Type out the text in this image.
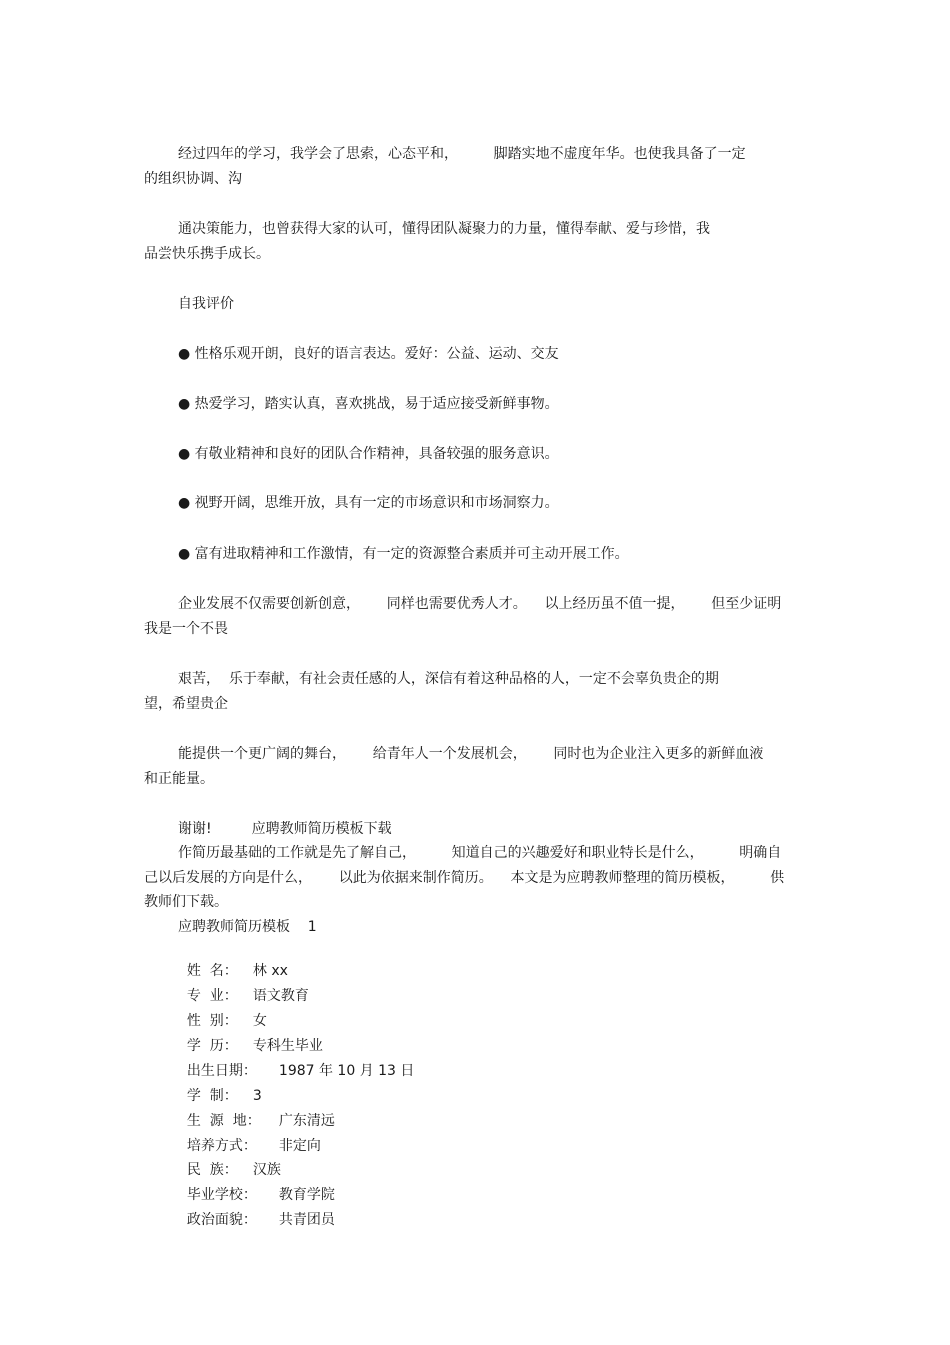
经过四年的学习，我学会了思索，心态平和，        脚踏实地不虚度年华。也使我具备了一定
的组织协调、沟
通决策能力，也曾获得大家的认可，懂得团队凝聚力的力量，懂得奉献、爱与珍惜，我
品尝快乐携手成长。
自我评价
● 性格乐观开朗，良好的语言表达。爱好：公益、运动、交友
● 热爱学习，踏实认真，喜欢挑战，易于适应接受新鲜事物。
● 有敬业精神和良好的团队合作精神，具备较强的服务意识。
● 视野开阔，思维开放，具有一定的市场意识和市场洞察力。
● 富有进取精神和工作激情，有一定的资源整合素质并可主动开展工作。
企业发展不仅需要创新创意，      同样也需要优秀人才。    以上经历虽不值一提，      但至少证明
我是一个不畏
艰苦，  乐于奉献，有社会责任感的人，深信有着这种品格的人，一定不会辜负贵企的期
望，希望贵企
能提供一个更广阔的舞台，      给青年人一个发展机会，      同时也为企业注入更多的新鲜血液
和正能量。
谢谢!         应聘教师简历模板下载
作简历最基础的工作就是先了解自己，        知道自己的兴趣爱好和职业特长是什么，        明确自
己以后发展的方向是什么，      以此为依据来制作简历。    本文是为应聘教师整理的简历模板，        供
教师们下载。
应聘教师简历模板    1

姓  名： 林 xx

专  业： 语文教育

性  别： 女

学  历： 专科生毕业

出生日期： 1987 年 10 月 13 日

学  制： 3

生  源  地： 广东清远

培养方式： 非定向

民  族： 汉族

毕业学校： 教育学院

政治面貌： 共青团员
